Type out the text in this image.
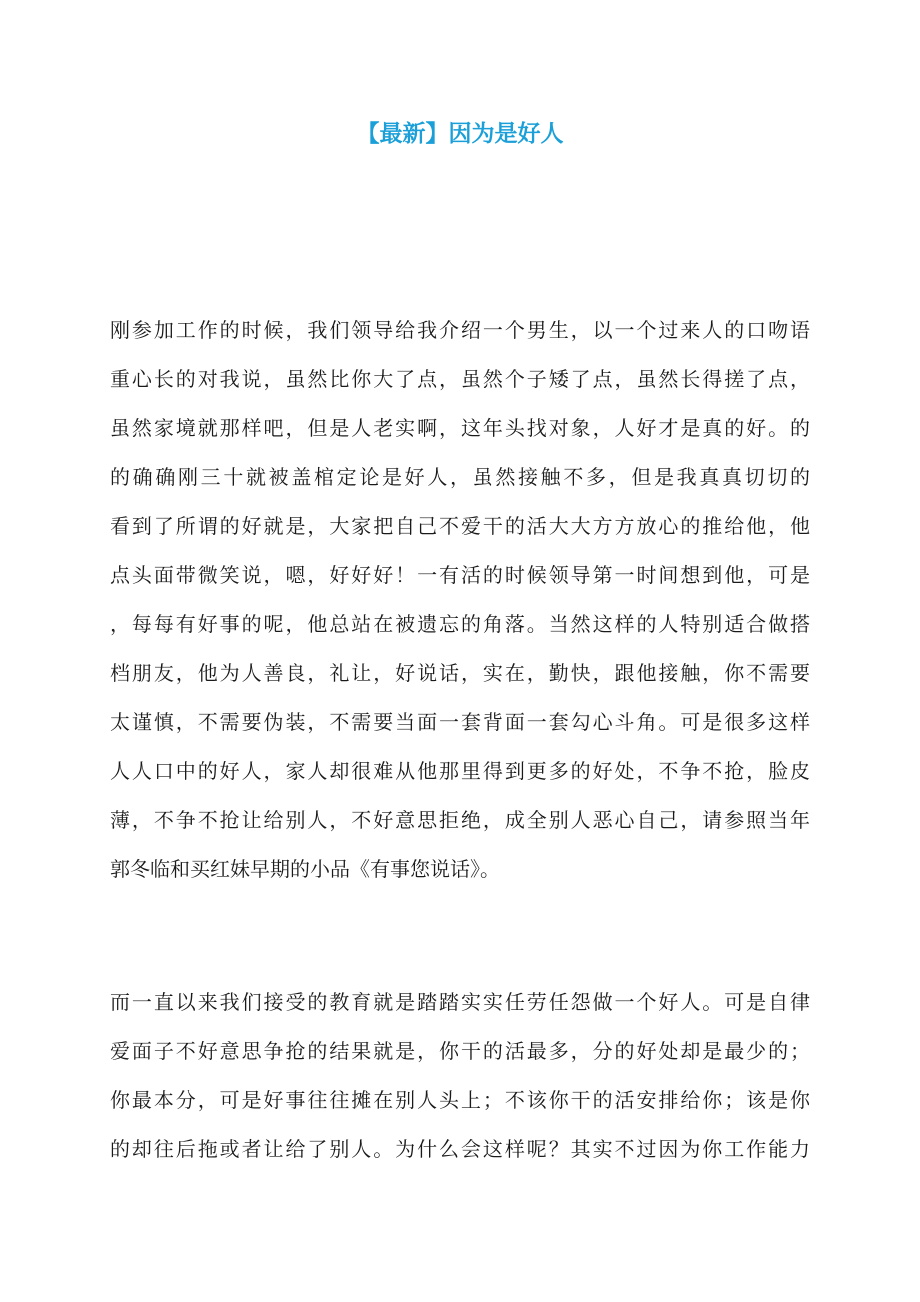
【最新】因为是好人
刚参加工作的时候，我们领导给我介绍一个男生，以一个过来人的口吻语
重心长的对我说，虽然比你大了点，虽然个子矮了点，虽然长得搓了点，
虽然家境就那样吧，但是人老实啊，这年头找对象，人好才是真的好。的
的确确刚三十就被盖棺定论是好人，虽然接触不多，但是我真真切切的
看到了所谓的好就是，大家把自己不爱干的活大大方方放心的推给他，他
点头面带微笑说，嗯，好好好！一有活的时候领导第一时间想到他，可是
，每每有好事的呢，他总站在被遗忘的角落。当然这样的人特别适合做搭
档朋友，他为人善良，礼让，好说话，实在，勤快，跟他接触，你不需要
太谨慎，不需要伪装，不需要当面一套背面一套勾心斗角。可是很多这样
人人口中的好人，家人却很难从他那里得到更多的好处，不争不抢，脸皮
薄，不争不抢让给别人，不好意思拒绝，成全别人恶心自己，请参照当年
郭冬临和买红妹早期的小品《有事您说话》。
而一直以来我们接受的教育就是踏踏实实任劳任怨做一个好人。可是自律
爱面子不好意思争抢的结果就是，你干的活最多，分的好处却是最少的；
你最本分，可是好事往往摊在别人头上；不该你干的活安排给你；该是你
的却往后拖或者让给了别人。为什么会这样呢？其实不过因为你工作能力
